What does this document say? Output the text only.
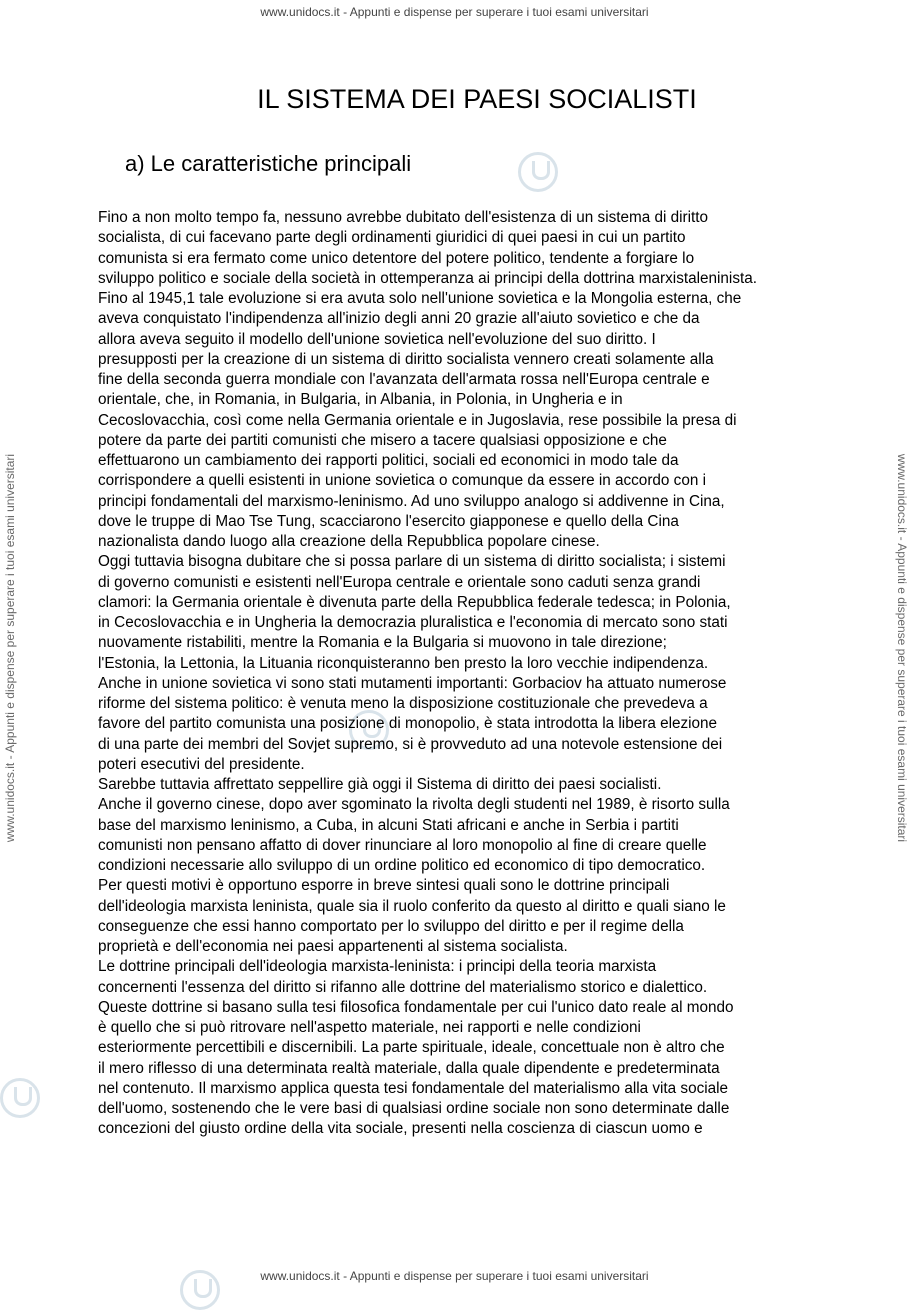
www.unidocs.it - Appunti e dispense per superare i tuoi esami universitari
www.unidocs.it - Appunti e dispense per superare i tuoi esami universitari
www.unidocs.it - Appunti e dispense per superare i tuoi esami universitari	www.unidocs.it - Appunti e dispense per superare i tuoi esami universitari
IL SISTEMA DEI PAESI SOCIALISTI
a) Le caratteristiche principali

Fino a non molto tempo fa, nessuno avrebbe dubitato dell'esistenza di un sistema di diritto
socialista, di cui facevano parte degli ordinamenti giuridici di quei paesi in cui un partito
comunista si era fermato come unico detentore del potere politico, tendente a forgiare lo
sviluppo politico e sociale della società in ottemperanza ai principi della dottrina marxistaleninista.
Fino al 1945,1 tale evoluzione si era avuta solo nell'unione sovietica e la Mongolia esterna, che
aveva conquistato l'indipendenza all'inizio degli anni 20 grazie all'aiuto sovietico e che da
allora aveva seguito il modello dell'unione sovietica nell'evoluzione del suo diritto. I
presupposti per la creazione di un sistema di diritto socialista vennero creati solamente alla
fine della seconda guerra mondiale con l'avanzata dell'armata rossa nell'Europa centrale e
orientale, che, in Romania, in Bulgaria, in Albania, in Polonia, in Ungheria e in
Cecoslovacchia, così come nella Germania orientale e in Jugoslavia, rese possibile la presa di
potere da parte dei partiti comunisti che misero a tacere qualsiasi opposizione e che
effettuarono un cambiamento dei rapporti politici, sociali ed economici in modo tale da
corrispondere a quelli esistenti in unione sovietica o comunque da essere in accordo con i
principi fondamentali del marxismo-leninismo. Ad uno sviluppo analogo si addivenne in Cina,
dove le truppe di Mao Tse Tung, scacciarono l'esercito giapponese e quello della Cina
nazionalista dando luogo alla creazione della Repubblica popolare cinese.
Oggi tuttavia bisogna dubitare che si possa parlare di un sistema di diritto socialista; i sistemi
di governo comunisti e esistenti nell'Europa centrale e orientale sono caduti senza grandi
clamori: la Germania orientale è divenuta parte della Repubblica federale tedesca; in Polonia,
in Cecoslovacchia e in Ungheria la democrazia pluralistica e l'economia di mercato sono stati
nuovamente ristabiliti, mentre la Romania e la Bulgaria si muovono in tale direzione;
l'Estonia, la Lettonia, la Lituania riconquisteranno ben presto la loro vecchie indipendenza.
Anche in unione sovietica vi sono stati mutamenti importanti: Gorbaciov ha attuato numerose
riforme del sistema politico: è venuta meno la disposizione costituzionale che prevedeva a
favore del partito comunista una posizione di monopolio, è stata introdotta la libera elezione
di una parte dei membri del Sovjet supremo, si è provveduto ad una notevole estensione dei
poteri esecutivi del presidente.
Sarebbe tuttavia affrettato seppellire già oggi il Sistema di diritto dei paesi socialisti.
Anche il governo cinese, dopo aver sgominato la rivolta degli studenti nel 1989, è risorto sulla
base del marxismo leninismo, a Cuba, in alcuni Stati africani e anche in Serbia i partiti
comunisti non pensano affatto di dover rinunciare al loro monopolio al fine di creare quelle
condizioni necessarie allo sviluppo di un ordine politico ed economico di tipo democratico.
Per questi motivi è opportuno esporre in breve sintesi quali sono le dottrine principali
dell'ideologia marxista leninista, quale sia il ruolo conferito da questo al diritto e quali siano le
conseguenze che essi hanno comportato per lo sviluppo del diritto e per il regime della
proprietà e dell'economia nei paesi appartenenti al sistema socialista.
Le dottrine principali dell'ideologia marxista-leninista: i principi della teoria marxista
concernenti l'essenza del diritto si rifanno alle dottrine del materialismo storico e dialettico.
Queste dottrine si basano sulla tesi filosofica fondamentale per cui l'unico dato reale al mondo
è quello che si può ritrovare nell'aspetto materiale, nei rapporti e nelle condizioni
esteriormente percettibili e discernibili. La parte spirituale, ideale, concettuale non è altro che
il mero riflesso di una determinata realtà materiale, dalla quale dipendente e predeterminata
nel contenuto. Il marxismo applica questa tesi fondamentale del materialismo alla vita sociale
dell'uomo, sostenendo che le vere basi di qualsiasi ordine sociale non sono determinate dalle
concezioni del giusto ordine della vita sociale, presenti nella coscienza di ciascun uomo e
